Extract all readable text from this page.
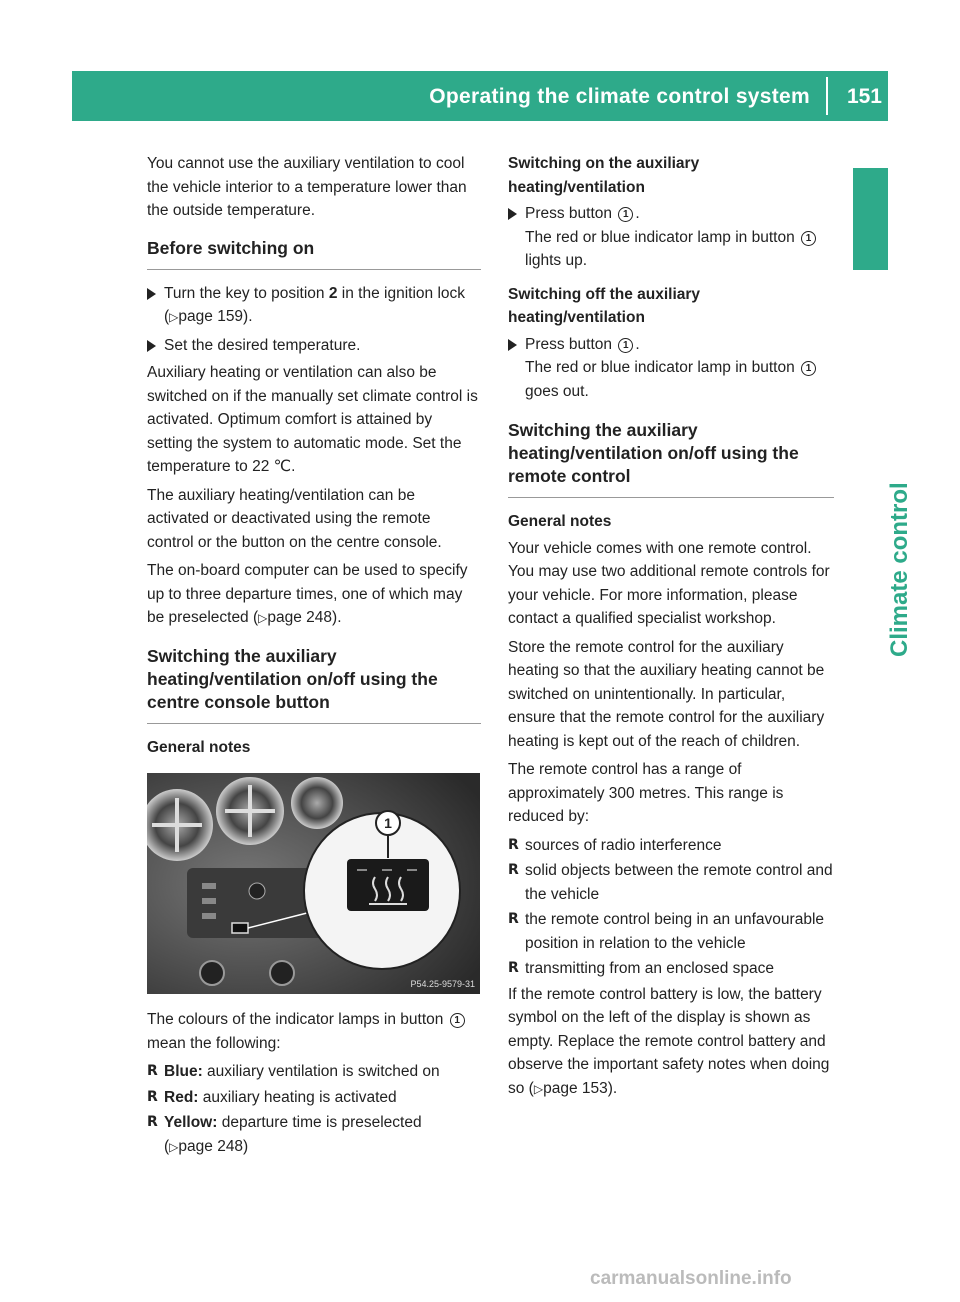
Operating the climate control system 151
Climate control

You cannot use the auxiliary ventilation to cool the vehicle interior to a temperature lower than the outside temperature.

Before switching on
Turn the key to position 2 in the ignition lock (▷page 159).
Set the desired temperature.

Auxiliary heating or ventilation can also be switched on if the manually set climate control is activated. Optimum comfort is attained by setting the system to automatic mode. Set the temperature to 22 ℃.

The auxiliary heating/ventilation can be activated or deactivated using the remote control or the button on the centre console.

The on-board computer can be used to specify up to three departure times, one of which may be preselected (▷page 248).

Switching the auxiliary heating/ventilation on/off using the centre console button
General notes
1
P54.25-9579-31

The colours of the indicator lamps in button 1 mean the following:

R Blue: auxiliary ventilation is switched on
R Red: auxiliary heating is activated
R Yellow: departure time is preselected
(▷page 248)
Switching on the auxiliary heating/ventilation
Press button 1 .
The red or blue indicator lamp in button 1
lights up.
Switching off the auxiliary heating/ventilation
Press button 1 .
The red or blue indicator lamp in button 1
goes out.
Switching the auxiliary heating/ventilation on/off using the remote control
General notes

Your vehicle comes with one remote control. You may use two additional remote controls for your vehicle. For more information, please contact a qualified specialist workshop.

Store the remote control for the auxiliary heating so that the auxiliary heating cannot be switched on unintentionally. In particular, ensure that the remote control for the auxiliary heating is kept out of the reach of children.

The remote control has a range of approximately 300 metres. This range is reduced by:

R sources of radio interference
R solid objects between the remote control and the vehicle
R the remote control being in an unfavourable position in relation to the vehicle
R transmitting from an enclosed space

If the remote control battery is low, the battery symbol on the left of the display is shown as empty. Replace the remote control battery and observe the important safety notes when doing so (▷page 153).

carmanualsonline.info
